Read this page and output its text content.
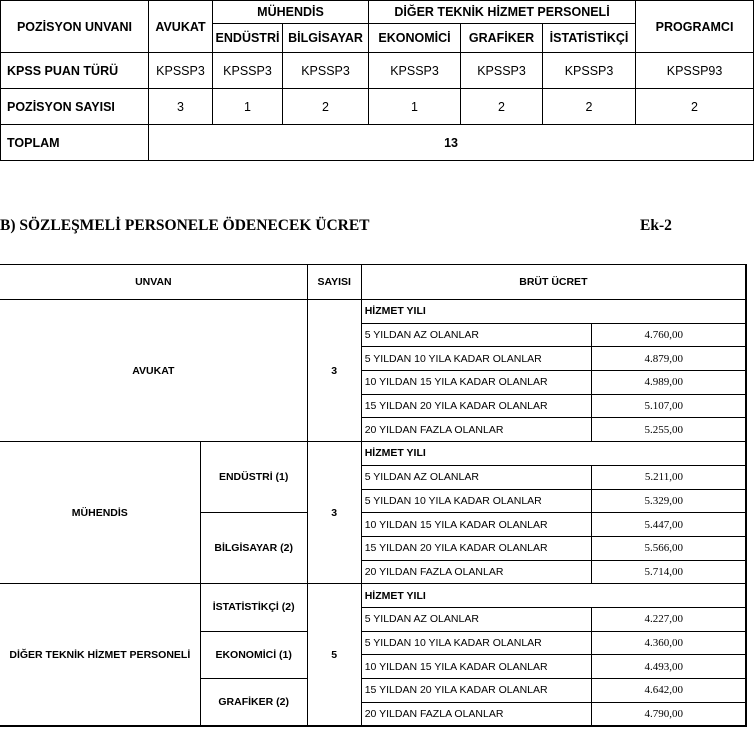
POZİSYON UNVANI	AVUKAT	MÜHENDİS		DİĞER TEKNİK HİZMET PERSONELİ			PROGRAMCI
		ENDÜSTRİ	BİLGİSAYAR	EKONOMİCİ	GRAFİKER	İSTATİSTİKÇİ	
KPSS PUAN TÜRÜ	KPSSP3	KPSSP3	KPSSP3	KPSSP3	KPSSP3	KPSSP3	KPSSP93
POZİSYON SAYISI	3	1	2	1	2	2	2
TOPLAM	13						
B) SÖZLEŞMELİ PERSONELE ÖDENECEK ÜCRET	Ek-2
UNVAN		SAYISI	BRÜT ÜCRET	
AVUKAT		3	HİZMET YILI	
			5 YILDAN AZ OLANLAR	4.760,00
			5 YILDAN 10 YILA KADAR OLANLAR	4.879,00
			10 YILDAN 15 YILA KADAR OLANLAR	4.989,00
			15 YILDAN 20 YILA KADAR OLANLAR	5.107,00
			20 YILDAN FAZLA OLANLAR	5.255,00
MÜHENDİS	ENDÜSTRİ (1)	3	HİZMET YILI	
			5 YILDAN AZ OLANLAR	5.211,00
			5 YILDAN 10 YILA KADAR OLANLAR	5.329,00
	BİLGİSAYAR (2)		10 YILDAN 15 YILA KADAR OLANLAR	5.447,00
			15 YILDAN 20 YILA KADAR OLANLAR	5.566,00
			20 YILDAN FAZLA OLANLAR	5.714,00
DİĞER TEKNİK HİZMET PERSONELİ	İSTATİSTİKÇİ (2)	5	HİZMET YILI	
			5 YILDAN AZ OLANLAR	4.227,00
	EKONOMİCİ (1)		5 YILDAN 10 YILA KADAR OLANLAR	4.360,00
			10 YILDAN 15 YILA KADAR OLANLAR	4.493,00
	GRAFİKER (2)		15 YILDAN 20 YILA KADAR OLANLAR	4.642,00
			20 YILDAN FAZLA OLANLAR	4.790,00
